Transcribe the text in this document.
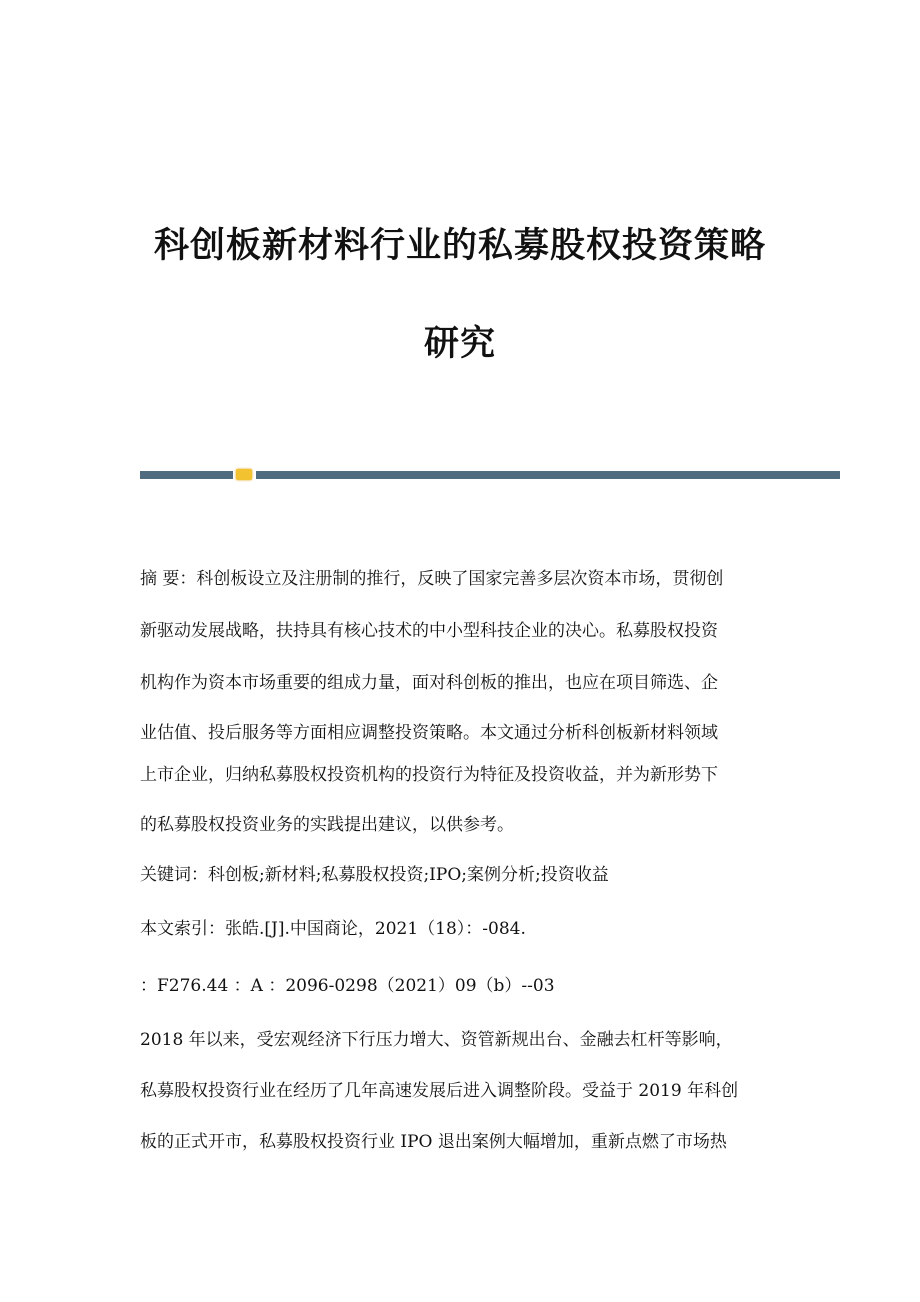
科创板新材料行业的私募股权投资策略
研究
摘 要：科创板设立及注册制的推行，反映了国家完善多层次资本市场，贯彻创
新驱动发展战略，扶持具有核心技术的中小型科技企业的决心。私募股权投资
机构作为资本市场重要的组成力量，面对科创板的推出，也应在项目筛选、企
业估值、投后服务等方面相应调整投资策略。本文通过分析科创板新材料领域
上市企业，归纳私募股权投资机构的投资行为特征及投资收益，并为新形势下
的私募股权投资业务的实践提出建议，以供参考。
关键词：科创板;新材料;私募股权投资;IPO;案例分析;投资收益
本文索引：张皓.[J].中国商论，2021（18）：-084.
：F276.44 ：A ：2096-0298（2021）09（b）--03
2018 年以来，受宏观经济下行压力增大、资管新规出台、金融去杠杆等影响，
私募股权投资行业在经历了几年高速发展后进入调整阶段。受益于 2019 年科创
板的正式开市，私募股权投资行业 IPO 退出案例大幅增加，重新点燃了市场热
